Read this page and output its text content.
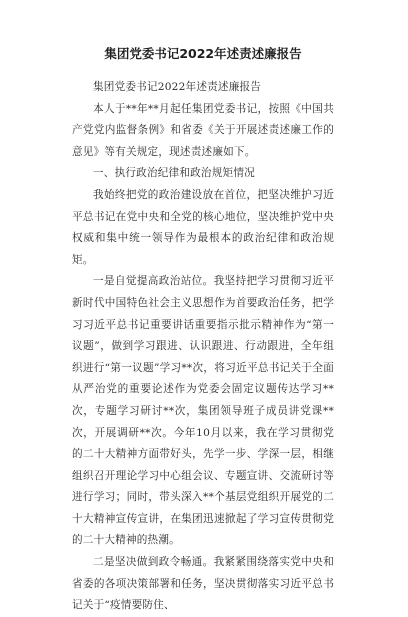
集团党委书记2022年述责述廉报告

集团党委书记2022年述责述廉报告

本人于**年**月起任集团党委书记，按照《中国共产党党内监督条例》和省委《关于开展述责述廉工作的意见》等有关规定，现述责述廉如下。

一、执行政治纪律和政治规矩情况

我始终把党的政治建设放在首位，把坚决维护习近平总书记在党中央和全党的核心地位，坚决维护党中央权威和集中统一领导作为最根本的政治纪律和政治规矩。

一是自觉提高政治站位。我坚持把学习贯彻习近平新时代中国特色社会主义思想作为首要政治任务，把学习习近平总书记重要讲话重要指示批示精神作为“第一议题”，做到学习跟进、认识跟进、行动跟进，全年组织进行“第一议题”学习**次，将习近平总书记关于全面从严治党的重要论述作为党委会固定议题传达学习**次，专题学习研讨**次，集团领导班子成员讲党课**次，开展调研**次。今年10月以来，我在学习贯彻党的二十大精神方面带好头，先学一步、学深一层，相继组织召开理论学习中心组会议、专题宣讲、交流研讨等进行学习；同时，带头深入**个基层党组织开展党的二十大精神宣传宣讲，在集团迅速掀起了学习宣传贯彻党的二十大精神的热潮。

二是坚决做到政令畅通。我紧紧围绕落实党中央和省委的各项决策部署和任务，坚决贯彻落实习近平总书记关于“疫情要防住、
